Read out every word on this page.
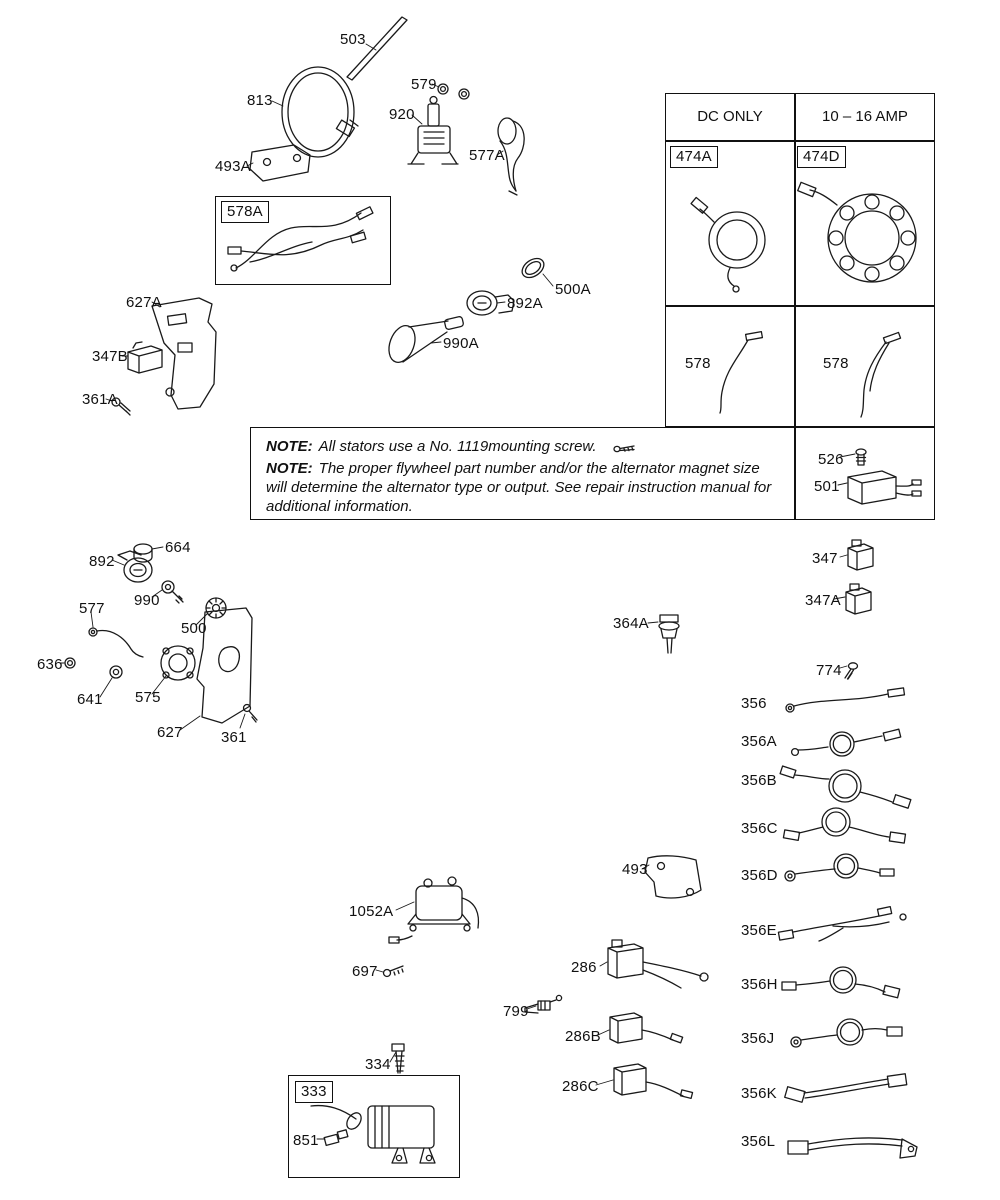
DC ONLY	10 – 16 AMP
NOTE: All stators use a No. 1119mounting screw.
NOTE: The proper flywheel part number and/or the alternator magnet size will determine the alternator type or output. See repair instruction manual for additional information.
503
813
579
920
493A
577A
578A
627A
347B
361A
500A
892A
990A
474A	474D
578	578
526
501
664
892
990
577
500
636
641 575
627	361
364A
347
347A
774
356
356A
356B
356C
356D
356E
356H
356J
356K
356L
1052A
697
493
286
799
286B
286C
334
333
851
